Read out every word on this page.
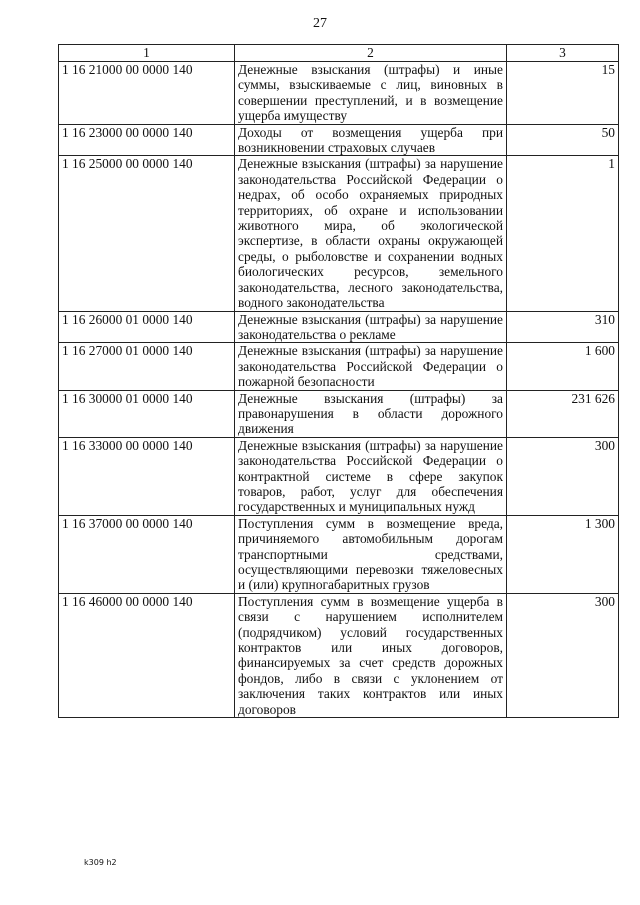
27
1	2	3
1 16 21000 00 0000 140	Денежные взыскания (штрафы) и иные суммы, взыскиваемые с лиц, виновных в совершении преступлений, и в возмещение ущерба имуществу	15
1 16 23000 00 0000 140	Доходы от возмещения ущерба при возникновении страховых случаев	50
1 16 25000 00 0000 140	Денежные взыскания (штрафы) за нарушение законодательства Российской Федерации о недрах, об особо охраняемых природных территориях, об охране и использовании животного мира, об экологической экспертизе, в области охраны окружающей среды, о рыболовстве и сохранении водных биологических ресурсов, земельного законодательства, лесного законодательства, водного законодательства	1
1 16 26000 01 0000 140	Денежные взыскания (штрафы) за нарушение законодательства о рекламе	310
1 16 27000 01 0000 140	Денежные взыскания (штрафы) за нарушение законодательства Российской Федерации о пожарной безопасности	1 600
1 16 30000 01 0000 140	Денежные взыскания (штрафы) за правонарушения в области дорожного движения	231 626
1 16 33000 00 0000 140	Денежные взыскания (штрафы) за нарушение законодательства Российской Федерации о контрактной системе в сфере закупок товаров, работ, услуг для обеспечения государственных и муниципальных нужд	300
1 16 37000 00 0000 140	Поступления сумм в возмещение вреда, причиняемого автомобильным дорогам транспортными средствами, осуществляющими перевозки тяжеловесных и (или) крупногабаритных грузов	1 300
1 16 46000 00 0000 140	Поступления сумм в возмещение ущерба в связи с нарушением исполнителем (подрядчиком) условий государственных контрактов или иных договоров, финансируемых за счет средств дорожных фондов, либо в связи с уклонением от заключения таких контрактов или иных договоров	300
k309 h2
